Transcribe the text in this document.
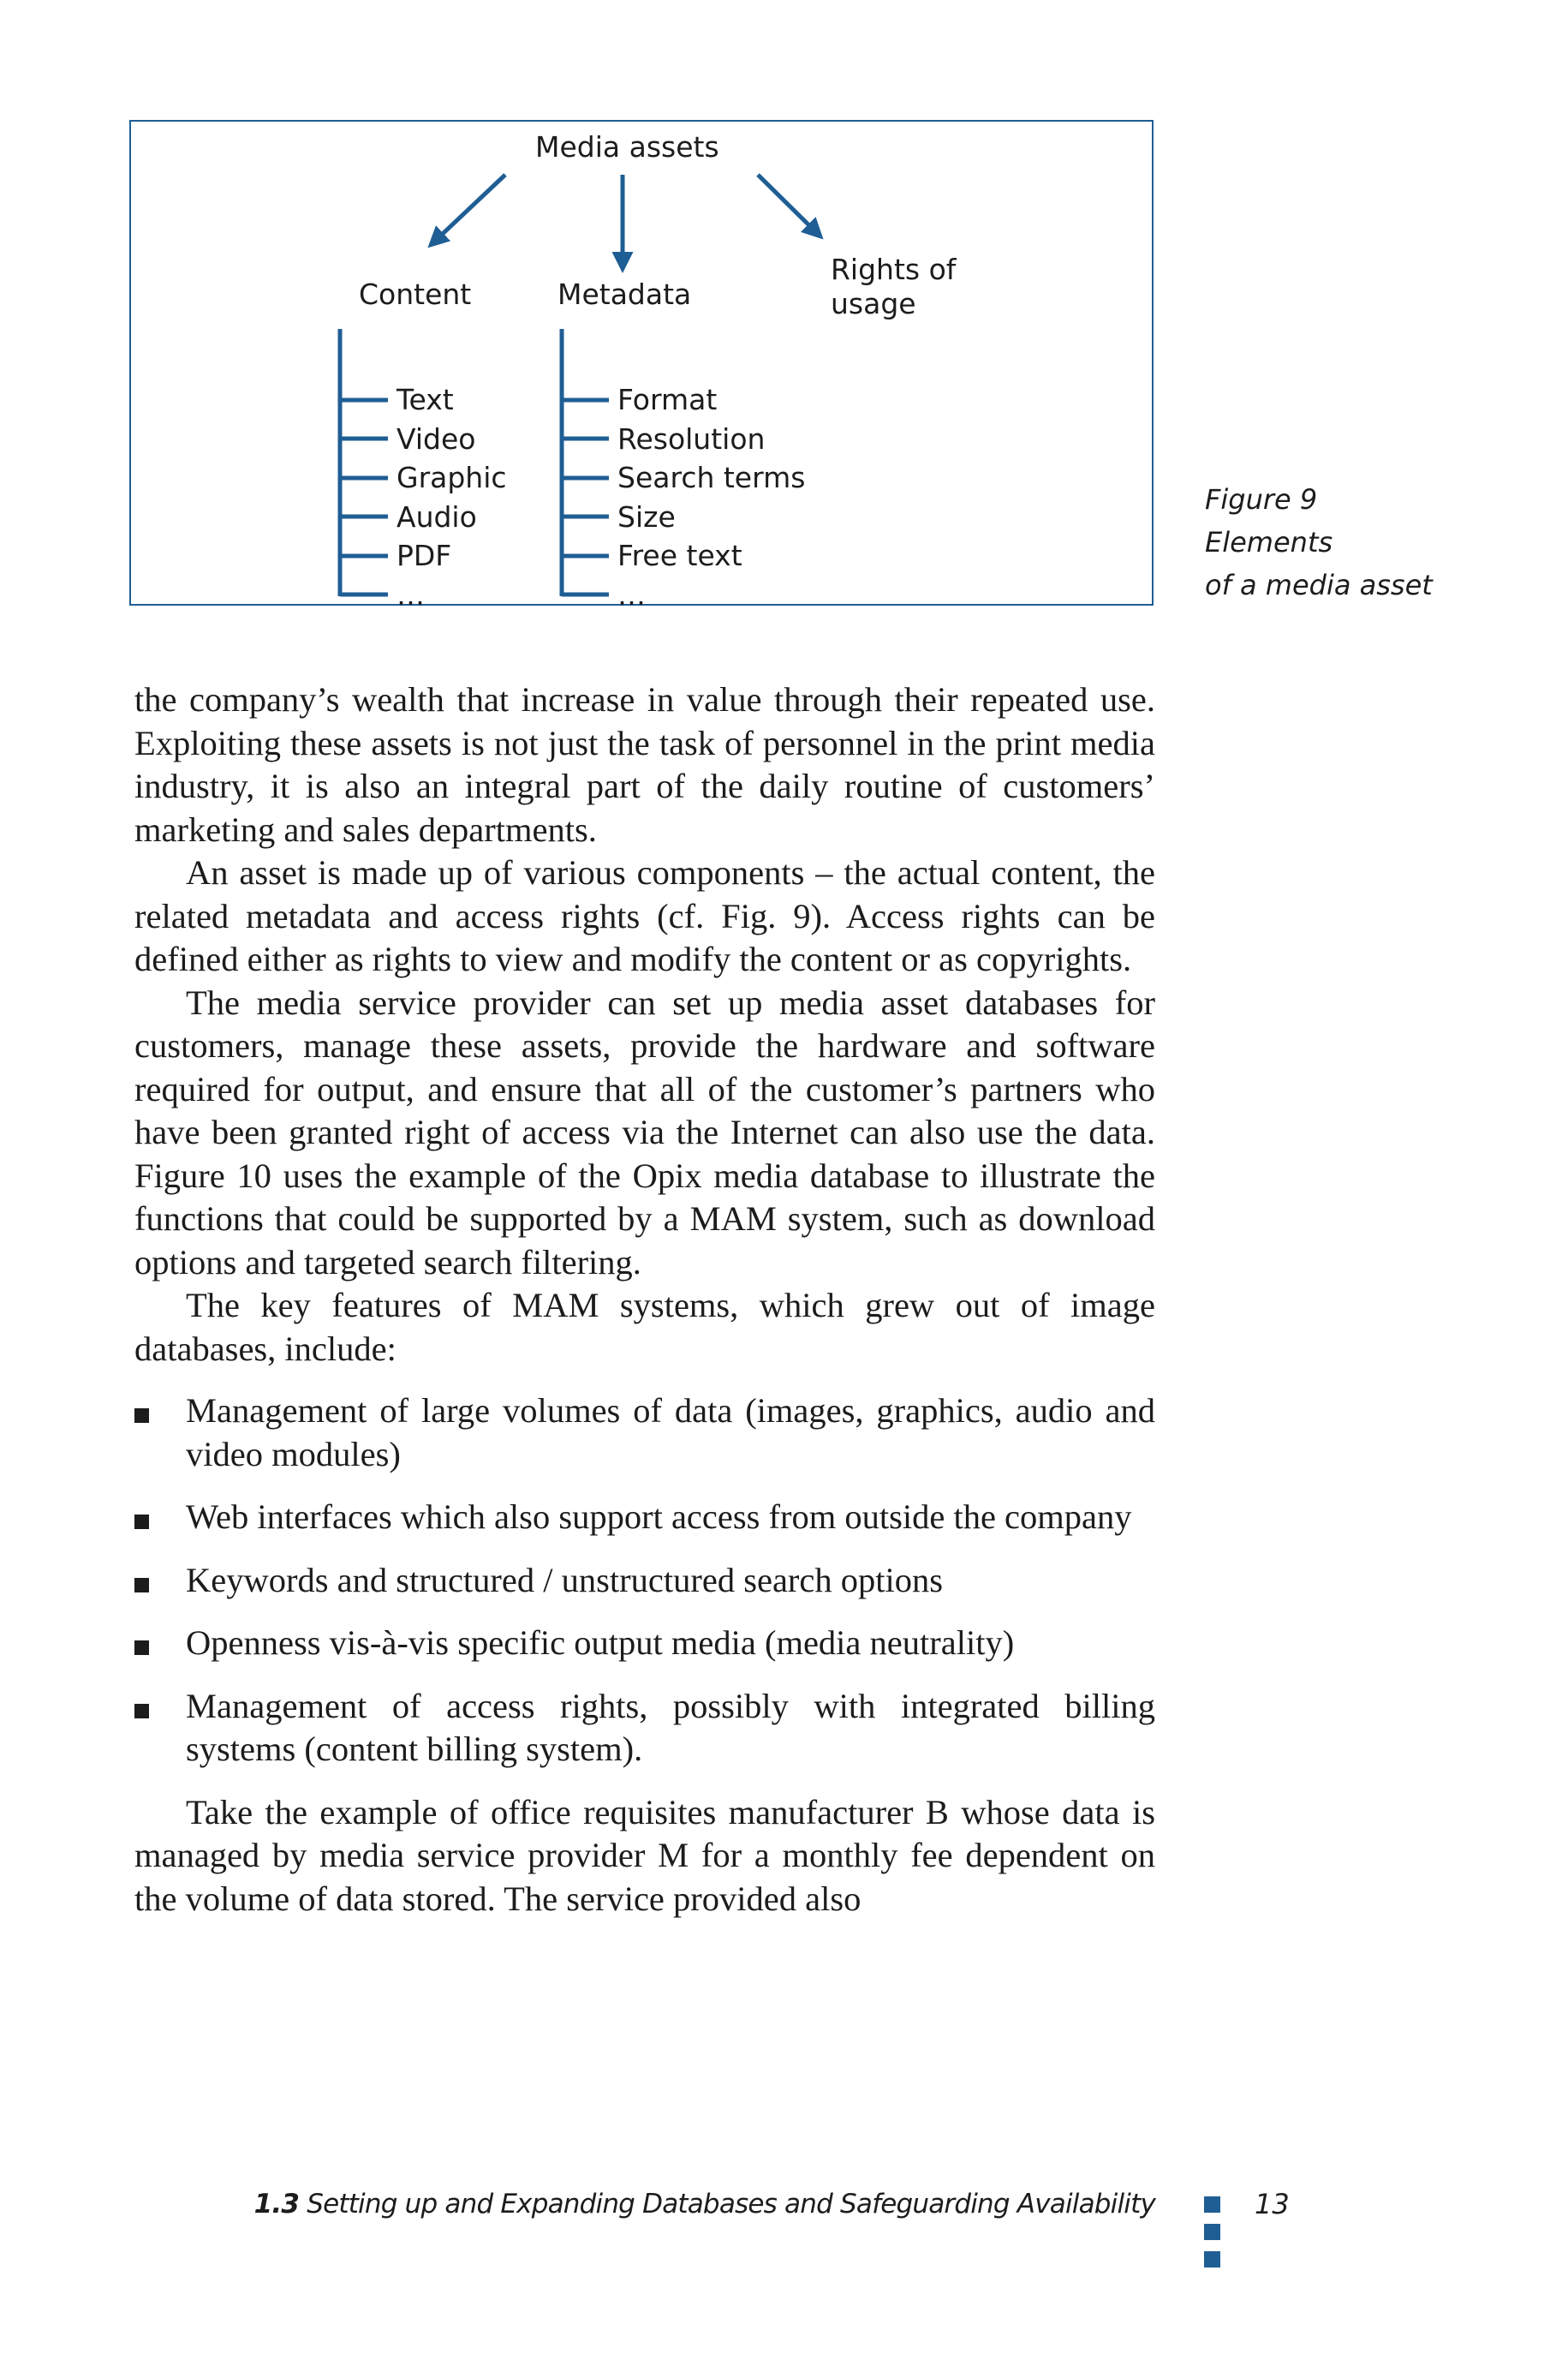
Media assets
Content	Metadata
Rights of
usage
Text
Video
Graphic
Audio
PDF
…
Format
Resolution
Search terms
Size
Free text
…
Figure 9
Elements
of a media asset

the company’s wealth that increase in value through their repeated use. Exploiting these assets is not just the task of personnel in the print media industry, it is also an integral part of the daily routine of customers’ marketing and sales departments.

An asset is made up of various components – the actual content, the related metadata and access rights (cf. Fig. 9). Access rights can be defined either as rights to view and modify the content or as copyrights.

The media service provider can set up media asset databases for customers, manage these assets, provide the hardware and software required for output, and ensure that all of the customer’s partners who have been granted right of access via the Internet can also use the data. Figure 10 uses the example of the Opix media database to illustrate the functions that could be supported by a MAM system, such as download options and targeted search filtering.

The key features of MAM systems, which grew out of image databases, include:

Management of large volumes of data (images, graphics, audio and video modules)
Web interfaces which also support access from outside the company
Keywords and structured / unstructured search options
Openness vis-à-vis specific output media (media neutrality)
Management of access rights, possibly with integrated billing systems (content billing system).

Take the example of office requisites manufacturer B whose data is managed by media service provider M for a monthly fee dependent on the volume of data stored. The service provided also

1.3 Setting up and Expanding Databases and Safeguarding Availability	13
